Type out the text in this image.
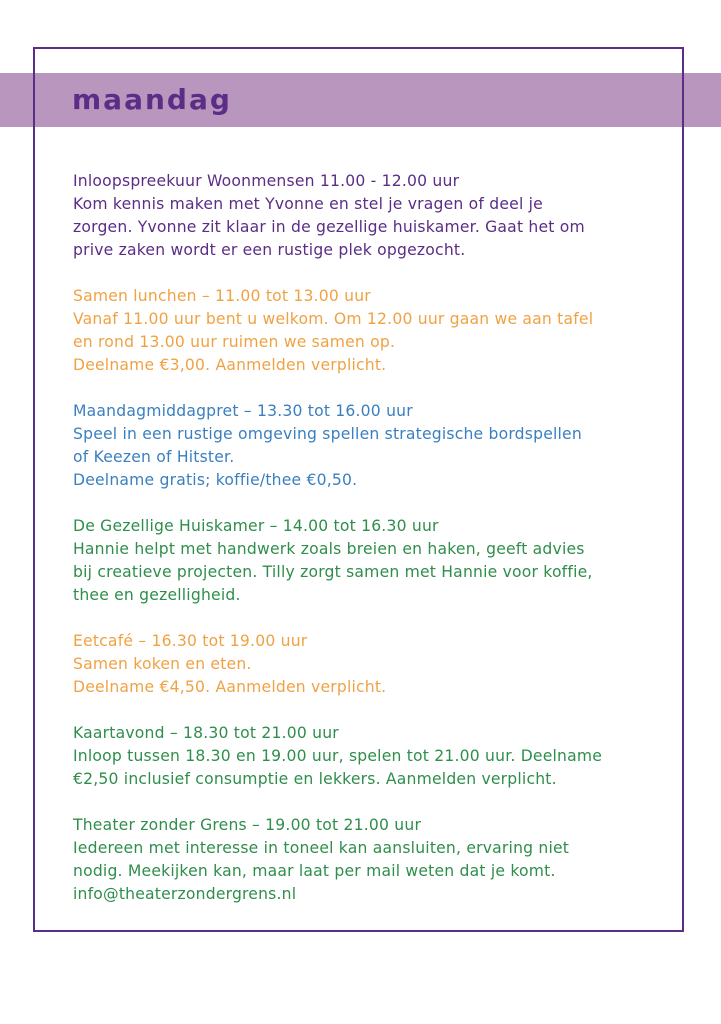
maandag

Inloopspreekuur Woonmensen 11.00 - 12.00 uur

Kom kennis maken met Yvonne en stel je vragen of deel je

zorgen. Yvonne zit klaar in de gezellige huiskamer. Gaat het om

prive zaken wordt er een rustige plek opgezocht.

Samen lunchen – 11.00 tot 13.00 uur

Vanaf 11.00 uur bent u welkom. Om 12.00 uur gaan we aan tafel

en rond 13.00 uur ruimen we samen op.

Deelname €3,00. Aanmelden verplicht.

Maandagmiddagpret – 13.30 tot 16.00 uur

Speel in een rustige omgeving spellen strategische bordspellen

of Keezen of Hitster.

Deelname gratis; koffie/thee €0,50.

De Gezellige Huiskamer – 14.00 tot 16.30 uur

Hannie helpt met handwerk zoals breien en haken, geeft advies

bij creatieve projecten. Tilly zorgt samen met Hannie voor koffie,

thee en gezelligheid.

Eetcafé – 16.30 tot 19.00 uur

Samen koken en eten.

Deelname €4,50. Aanmelden verplicht.

Kaartavond – 18.30 tot 21.00 uur

Inloop tussen 18.30 en 19.00 uur, spelen tot 21.00 uur. Deelname

€2,50 inclusief consumptie en lekkers. Aanmelden verplicht.

Theater zonder Grens – 19.00 tot 21.00 uur

Iedereen met interesse in toneel kan aansluiten, ervaring niet

nodig. Meekijken kan, maar laat per mail weten dat je komt.

info@theaterzondergrens.nl
